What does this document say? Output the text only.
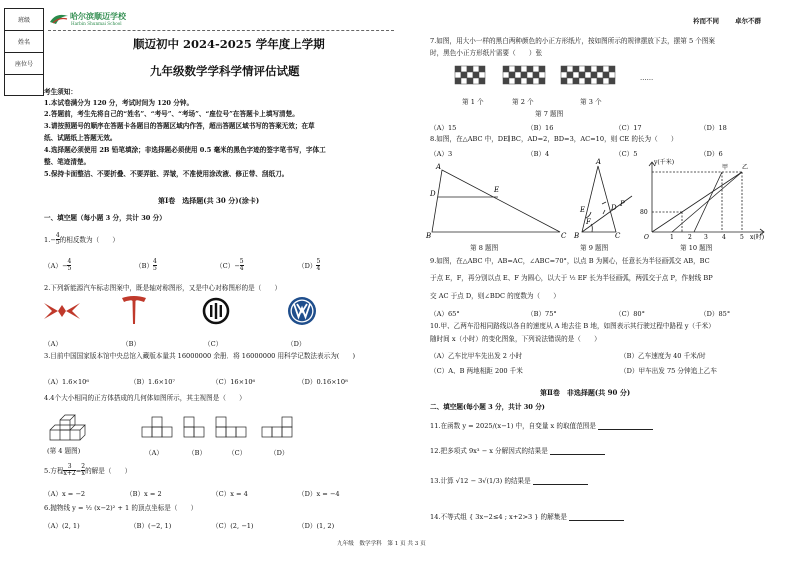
班级
姓名
座位号
哈尔滨顺迈学校
Harbin Shunmai School	衿而不同 卓尔不群
顺迈初中 2024-2025 学年度上学期
九年级数学学科学情评估试题
考生须知：
1.本试卷满分为 120 分，考试时间为 120 分钟。
2.答题前，考生先将自己的“姓名”、“考号”、“考场”、“座位号”在答题卡上填写清楚。
3.请按照题号的顺序在答题卡各题目的答题区域内作答，超出答题区域书写的答案无效；在草
纸、试题纸上答题无效。
4.选择题必须使用 2B 铅笔填涂；非选择题必须使用 0.5 毫米的黑色字迹的签字笔书写，字体工
整、笔迹清楚。
5.保持卡面整洁、不要折叠、不要弄脏、弄皱，不准使用涂改液、修正带、刮纸刀。
第Ⅰ卷　选择题(共 30 分)(涂卡)
一、填空题（每小题 3 分，共计 30 分）
$1.- \frac{4}{5}$ 的相反数为（　　）
$(A)- \frac{4}{5}$	$(B) \frac{4}{5}$	$(C)- \frac{5}{4}$	$(D) \frac{5}{4}$
2.下列新能源汽车标志图案中，既是轴对称图形，又是中心对称图形的是（　　）
（A）	（B）	（C）	（D）
3.目前中国国家版本馆中央总馆入藏版本量共 16000000 余册．将 16000000 用科学记数法表示为(　　)
（A）1.6×10⁶	（B）1.6×10⁷	（C）16×10⁶	（D）0.16×10⁸
4.4个大小相同的正方体搭成的几何体如图所示，其主视图是（　　）
(第 4 题图)	（A）	（B）	（C）	（D）
5.方程 $\frac{3}{x+2} = \frac{2}{x}$ 的解是（　　）
（A）x = −2	（B）x = 2	（C）x = 4	（D）x = −4
6.抛物线 y = ½ (x−2)² + 1 的顶点坐标是（　　）
（A）(2, 1)	（B）(−2, 1)	（C）(2, −1)	（D）(1, 2)
九年级　数学学科　第 1 页 共 3 页
7.如图，用大小一样的黑白两种颜色的小正方形纸片，按如图所示的规律摆放下去，摆第 5 个图案
时，黑色小正方形纸片需要（　　）张
第 1 个	第 2 个	第 3 个
……
第 7 题图
（A）15	（B）16	（C）17	（D）18
8.如图，在△ABC 中，DE∥BC，AD=2，BD=3，AC=10，则 CE 的长为（　　）
（A）3	（B）4	（C）5	（D）6
A
D	E
B	C
A
F
E	D P
B	C
y(千米)
甲 乙
80
O	1 2 3 4 5 x(时)
第 8 题图	第 9 题图	第 10 题图
9.如图，在△ABC 中，AB=AC，∠ABC=70°，以点 B 为圆心，任意长为半径画弧交 AB，BC
于点 E，F，再分别以点 E、F 为圆心，以大于 ½ EF 长为半径画弧，两弧交于点 P，作射线 BP
交 AC 于点 D，则∠BDC 的度数为（　　）
（A）65°	（B）75°	（C）80°	（D）85°
10.甲、乙两车沿相同路线以各自的速度从 A 地去往 B 地，如图表示其行驶过程中路程 y（千米）
随时间 x（小时）的变化图象，下列说法错误的是（　　）
（A）乙车比甲车先出发 2 小时	（B）乙车速度为 40 千米/时
（C）A、B 两地相距 200 千米	（D）甲车出发 75 分钟追上乙车
第Ⅱ卷　非选择题(共 90 分)
二、填空题(每小题 3 分，共计 30 分)
11.在函数 y = 2025/(x−1) 中，自变量 x 的取值范围是
12.把多项式 9x³ − x 分解因式的结果是
13.计算 √12 − 3√(1/3) 的结果是
14.不等式组 { 3x−2≤4 ; x+2>3 } 的解集是
